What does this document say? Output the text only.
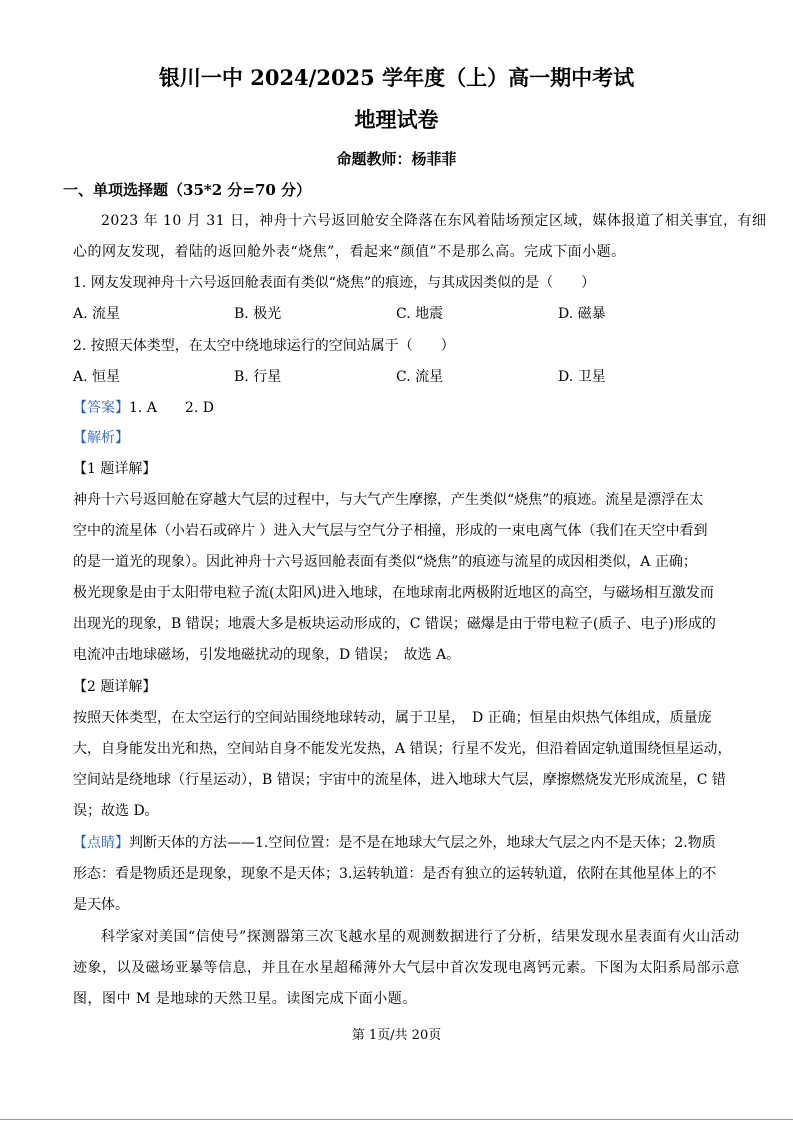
银川一中 2024/2025 学年度（上）高一期中考试
地理试卷
命题教师：杨菲菲
一、单项选择题（35*2 分=70 分）
2023 年 10 月 31 日，神舟十六号返回舱安全降落在东风着陆场预定区域，媒体报道了相关事宜，有细
心的网友发现，着陆的返回舱外表“烧焦”，看起来“颜值”不是那么高。完成下面小题。
1. 网友发现神舟十六号返回舱表面有类似“烧焦”的痕迹，与其成因类似的是（　　）
A. 流星	B. 极光	C. 地震	D. 磁暴
2. 按照天体类型，在太空中绕地球运行的空间站属于（　　）
A. 恒星	B. 行星	C. 流星	D. 卫星
【答案】1. A　　2. D
【解析】
【1 题详解】
神舟十六号返回舱在穿越大气层的过程中，与大气产生摩擦，产生类似“烧焦”的痕迹。流星是漂浮在太
空中的流星体（小岩石或碎片 ）进入大气层与空气分子相撞，形成的一束电离气体（我们在天空中看到
的是一道光的现象）。因此神舟十六号返回舱表面有类似“烧焦”的痕迹与流星的成因相类似，A 正确；
极光现象是由于太阳带电粒子流(太阳风)进入地球，在地球南北两极附近地区的高空，与磁场相互激发而
出现光的现象，B 错误；地震大多是板块运动形成的，C 错误；磁爆是由于带电粒子(质子、电子)形成的
电流冲击地球磁场，引发地磁扰动的现象，D 错误；　故选 A。
【2 题详解】
按照天体类型，在太空运行的空间站围绕地球转动，属于卫星，　D 正确；恒星由炽热气体组成，质量庞
大，自身能发出光和热，空间站自身不能发光发热，A 错误；行星不发光，但沿着固定轨道围绕恒星运动，
空间站是绕地球（行星运动），B 错误；宇宙中的流星体，进入地球大气层，摩擦燃烧发光形成流星，C 错
误；故选 D。
【点睛】判断天体的方法——1.空间位置：是不是在地球大气层之外，地球大气层之内不是天体；2.物质
形态：看是物质还是现象，现象不是天体；3.运转轨道：是否有独立的运转轨道，依附在其他星体上的不
是天体。
科学家对美国“信使号”探测器第三次飞越水星的观测数据进行了分析，结果发现水星表面有火山活动
迹象，以及磁场亚暴等信息，并且在水星超稀薄外大气层中首次发现电离钙元素。下图为太阳系局部示意
图，图中 M 是地球的天然卫星。读图完成下面小题。
第 1页/共 20页
